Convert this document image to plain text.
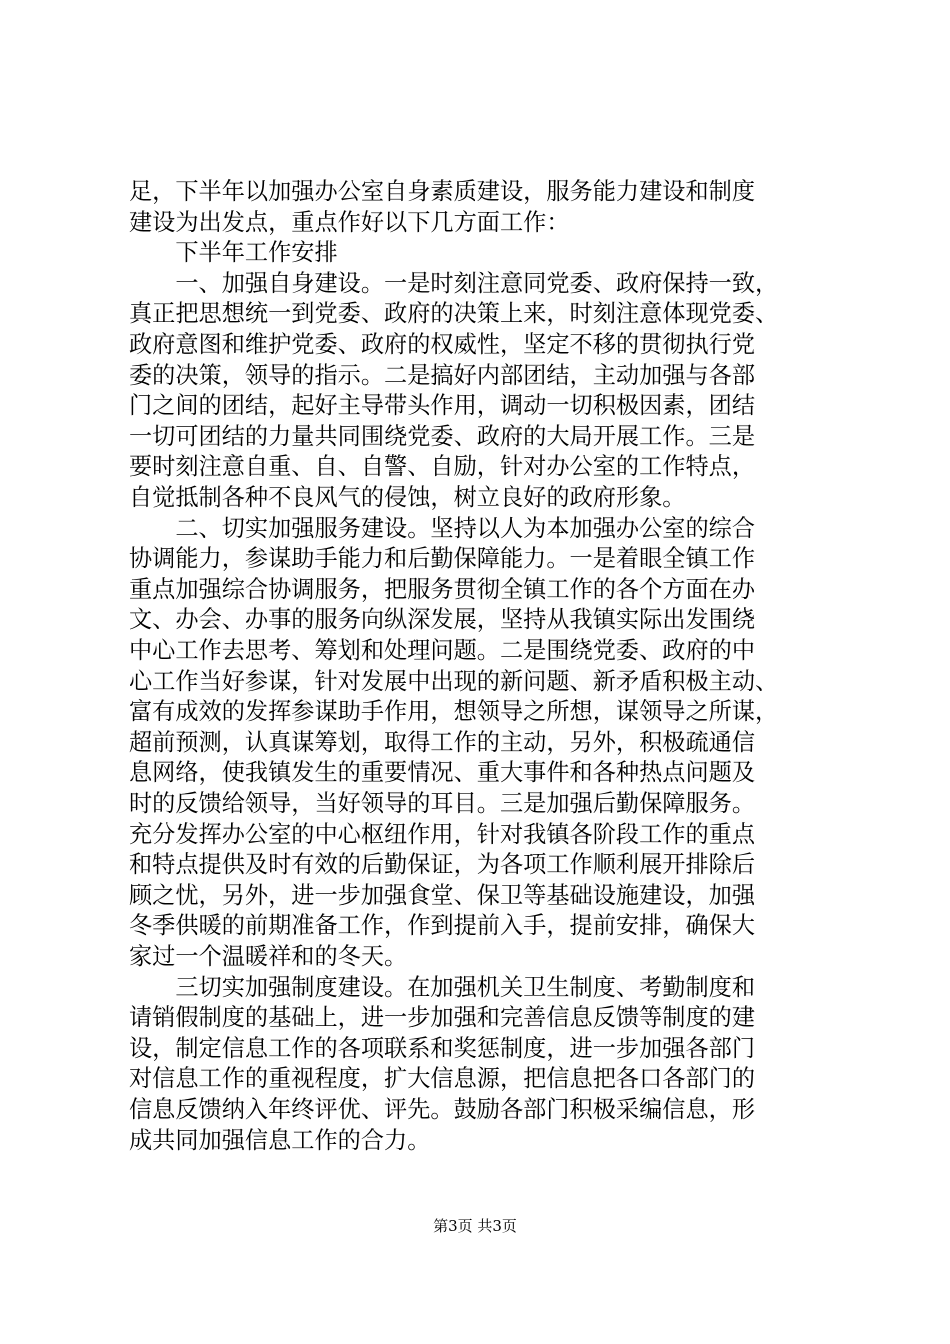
足，下半年以加强办公室自身素质建设，服务能力建设和制度
建设为出发点，重点作好以下几方面工作：
　　下半年工作安排
　　一、加强自身建设。一是时刻注意同党委、政府保持一致，
真正把思想统一到党委、政府的决策上来，时刻注意体现党委、
政府意图和维护党委、政府的权威性，坚定不移的贯彻执行党
委的决策，领导的指示。二是搞好内部团结，主动加强与各部
门之间的团结，起好主导带头作用，调动一切积极因素，团结
一切可团结的力量共同围绕党委、政府的大局开展工作。三是
要时刻注意自重、自、自警、自励，针对办公室的工作特点，
自觉抵制各种不良风气的侵蚀，树立良好的政府形象。
　　二、切实加强服务建设。坚持以人为本加强办公室的综合
协调能力，参谋助手能力和后勤保障能力。一是着眼全镇工作
重点加强综合协调服务，把服务贯彻全镇工作的各个方面在办
文、办会、办事的服务向纵深发展，坚持从我镇实际出发围绕
中心工作去思考、筹划和处理问题。二是围绕党委、政府的中
心工作当好参谋，针对发展中出现的新问题、新矛盾积极主动、
富有成效的发挥参谋助手作用，想领导之所想，谋领导之所谋，
超前预测，认真谋筹划，取得工作的主动，另外，积极疏通信
息网络，使我镇发生的重要情况、重大事件和各种热点问题及
时的反馈给领导，当好领导的耳目。三是加强后勤保障服务。
充分发挥办公室的中心枢纽作用，针对我镇各阶段工作的重点
和特点提供及时有效的后勤保证，为各项工作顺利展开排除后
顾之忧，另外，进一步加强食堂、保卫等基础设施建设，加强
冬季供暖的前期准备工作，作到提前入手，提前安排，确保大
家过一个温暖祥和的冬天。
　　三切实加强制度建设。在加强机关卫生制度、考勤制度和
请销假制度的基础上，进一步加强和完善信息反馈等制度的建
设，制定信息工作的各项联系和奖惩制度，进一步加强各部门
对信息工作的重视程度，扩大信息源，把信息把各口各部门的
信息反馈纳入年终评优、评先。鼓励各部门积极采编信息，形
成共同加强信息工作的合力。
第3页 共3页
